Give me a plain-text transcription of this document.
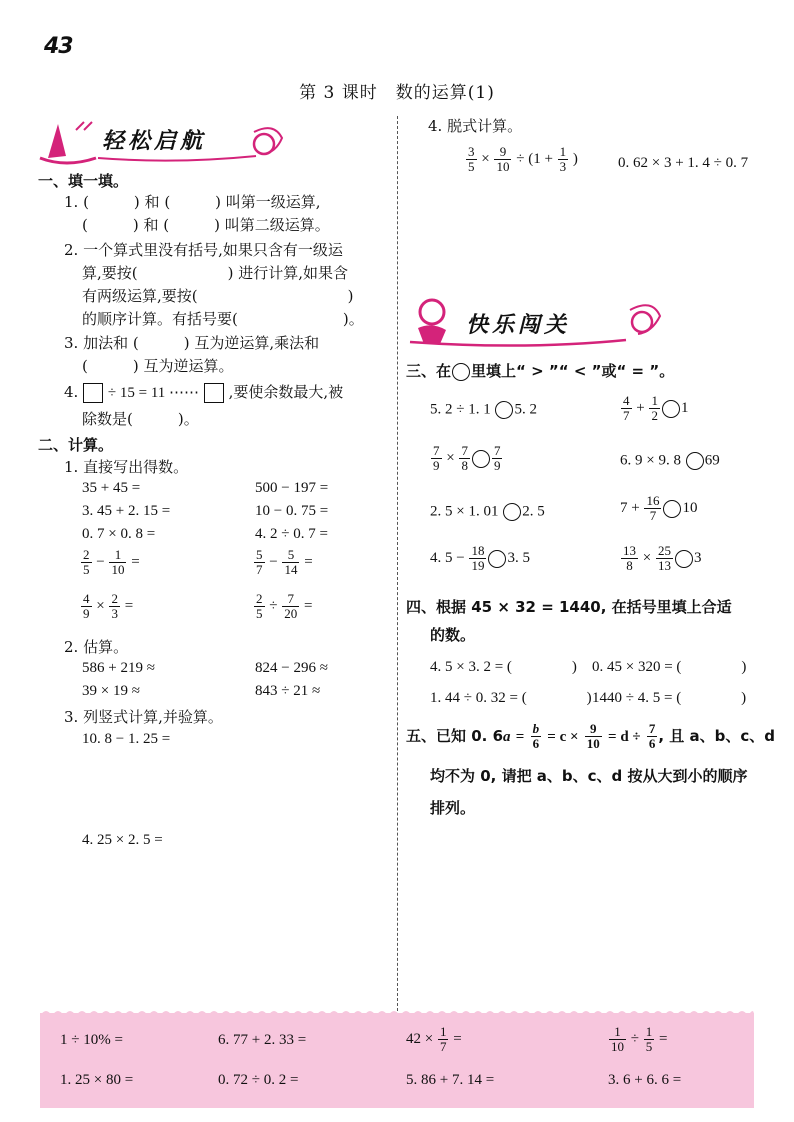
43
第 3 课时　数的运算(1)
轻松启航
一、填一填。
1. (　　　) 和 (　　　) 叫第一级运算,
(　　　) 和 (　　　) 叫第二级运算。
2. 一个算式里没有括号,如果只含有一级运
算,要按(　　　　　　) 进行计算,如果含
有两级运算,要按(　　　　　　　　　　)
的顺序计算。有括号要(　　　　　　　)。
3. 加法和 (　　　) 互为逆运算,乘法和
(　　　) 互为逆运算。
4. ÷ 15 = 11 ⋯⋯ ,要使余数最大,被
除数是(　　　)。
二、计算。
1. 直接写出得数。
35 + 45 =	500 − 197 =
3. 45 + 2. 15 =	10 − 0. 75 =
0. 7 × 0. 8 =	4. 2 ÷ 0. 7 =
$\frac{2}{5} - \frac{1}{10}$ =	$\frac{5}{7} - \frac{5}{14}$ =
$\frac{4}{9} \times \frac{2}{3}$ =	$\frac{2}{5} \div \frac{7}{20}$ =
2. 估算。
586 + 219 ≈	824 − 296 ≈
39 × 19 ≈	843 ÷ 21 ≈
3. 列竖式计算,并验算。
10. 8 − 1. 25 =
4. 25 × 2. 5 =
4. 脱式计算。
$\frac{3}{5} \times \frac{9}{10} \div (1 + \frac{1}{3}$ )	0. 62 × 3 + 1. 4 ÷ 0. 7
快乐闯关
三、在 里填上“ > ”“ < ”或“ = ”。
5. 2 ÷ 1. 1 5. 2	$\frac{4}{7} + \frac{1}{2} 1$
$\frac{7}{9} \times \frac{7}{8} \frac{7}{9}$	6. 9 × 9. 8 69
2. 5 × 1. 01 2. 5	$7 + \frac{16}{7} 10$
4. $5 - \frac{18}{19} 3$. 5	$\frac{13}{8} \times \frac{25}{13} 3$
四、根据 45 × 32 = 1440, 在括号里填上合适
的数。
4. 5 × 3. 2 = (　　　　) 0. 45 × 320 = (　　　　)
1. 44 ÷ 0. 32 = (　　　　) 1440 ÷ 4. 5 = (　　　　)
五、已知 0. $6a = \frac{b}{6} = c \times \frac{9}{10} = d \div \frac{7}{6}$ , 且 a、b、c、d
均不为 0, 请把 a、b、c、d 按从大到小的顺序
排列。
1 ÷ 10% =	6. 77 + 2. 33 =	$42 \times \frac{1}{7}$ =	$\frac{1}{10} \div \frac{1}{5}$ =
1. 25 × 80 =	0. 72 ÷ 0. 2 =	5. 86 + 7. 14 =	3. 6 + 6. 6 =
